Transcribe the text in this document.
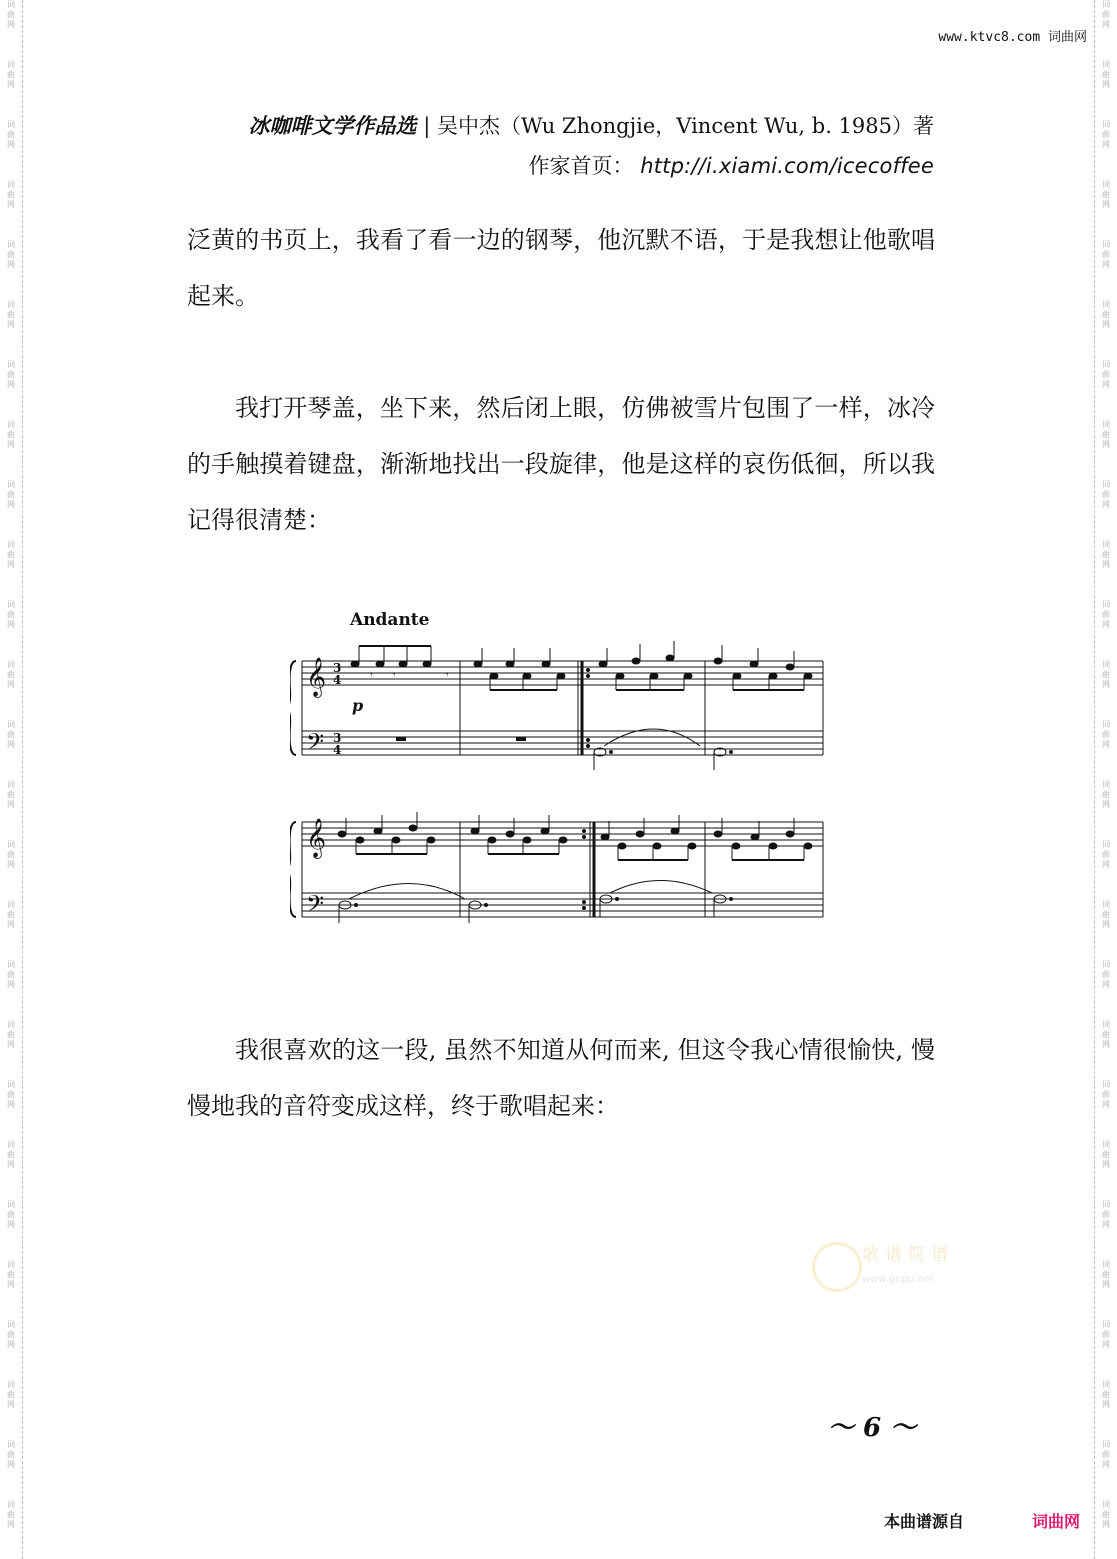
词
曲
网
词
曲
网
词
曲
网
词
曲
网
词
曲
网
词
曲
网
词
曲
网
词
曲
网
词
曲
网
词
曲
网
词
曲
网
词
曲
网
词
曲
网
词
曲
网
词
曲
网
词
曲
网
词
曲
网
词
曲
网
词
曲
网
词
曲
网
词
曲
网
词
曲
网
词
曲
网
词
曲
网
词
曲
网
词
曲
网
词
曲
网
词
曲
网
词
曲
网
词
曲
网
词
曲
网
词
曲
网
词
曲
网
词
曲
网
词
曲
网
词
曲
网
词
曲
网
词
曲
网
词
曲
网
词
曲
网
词
曲
网
词
曲
网
词
曲
网
词
曲
网
词
曲
网
词
曲
网
词
曲
网
词
曲
网
词
曲
网
词
曲
网
词
曲
网
词
曲
网
www.ktvc8.com 词曲网
冰咖啡文学作品选 | 吴中杰（Wu Zhongjie，Vincent Wu, b. 1985）著
作家首页： http://i.xiami.com/icecoffee

泛黄的书页上，我看了看一边的钢琴，他沉默不语，于是我想让他歌唱起来。

我打开琴盖，坐下来，然后闭上眼，仿佛被雪片包围了一样，冰冷的手触摸着键盘，渐渐地找出一段旋律，他是这样的哀伤低徊，所以我记得很清楚：

Andante
𝄞
𝄢
3
4
3
4
𝄾 𝄾	𝄾
p
𝄞
𝄢

我很喜欢的这一段, 虽然不知道从何而来, 但这令我心情很愉快, 慢慢地我的音符变成这样，终于歌唱起来：

歌谱简谱
www.gepu.net
～ 6 ～
本曲谱源自	词曲网
